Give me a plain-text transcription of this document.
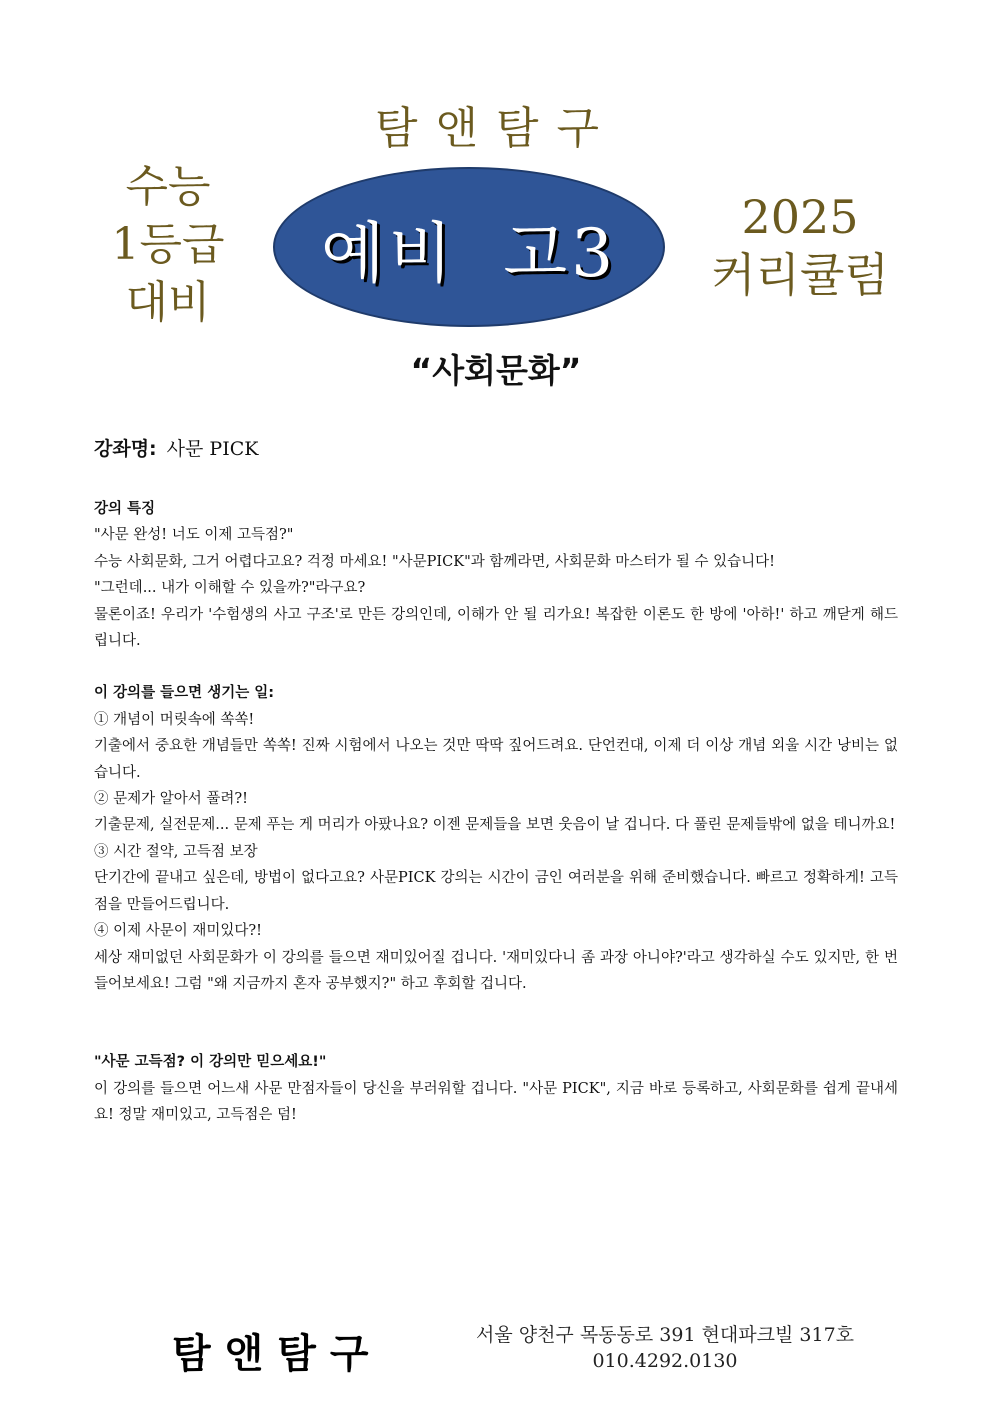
탐앤탐구
수능
1등급
대비
예비 고3	2025
커리큘럼
“사회문화”
강좌명: 사문 PICK

강의 특징

"사문 완성! 너도 이제 고득점?"

수능 사회문화, 그거 어렵다고요? 걱정 마세요! "사문PICK"과 함께라면, 사회문화 마스터가 될 수 있습니다!

"그런데... 내가 이해할 수 있을까?"라구요?

물론이죠! 우리가 '수험생의 사고 구조'로 만든 강의인데, 이해가 안 될 리가요! 복잡한 이론도 한 방에 '아하!' 하고 깨닫게 해드립니다.

이 강의를 들으면 생기는 일:

① 개념이 머릿속에 쏙쏙!

기출에서 중요한 개념들만 쏙쏙! 진짜 시험에서 나오는 것만 딱딱 짚어드려요. 단언컨대, 이제 더 이상 개념 외울 시간 낭비는 없습니다.

② 문제가 알아서 풀려?!

기출문제, 실전문제... 문제 푸는 게 머리가 아팠나요? 이젠 문제들을 보면 웃음이 날 겁니다. 다 풀린 문제들밖에 없을 테니까요!

③ 시간 절약, 고득점 보장

단기간에 끝내고 싶은데, 방법이 없다고요? 사문PICK 강의는 시간이 금인 여러분을 위해 준비했습니다. 빠르고 정확하게! 고득점을 만들어드립니다.

④ 이제 사문이 재미있다?!

세상 재미없던 사회문화가 이 강의를 들으면 재미있어질 겁니다. '재미있다니 좀 과장 아니야?'라고 생각하실 수도 있지만, 한 번 들어보세요! 그럼 "왜 지금까지 혼자 공부했지?" 하고 후회할 겁니다.

"사문 고득점? 이 강의만 믿으세요!"

이 강의를 들으면 어느새 사문 만점자들이 당신을 부러워할 겁니다. "사문 PICK", 지금 바로 등록하고, 사회문화를 쉽게 끝내세요! 정말 재미있고, 고득점은 덤!

탐앤탐구	서울 양천구 목동동로 391 현대파크빌 317호
010.4292.0130
